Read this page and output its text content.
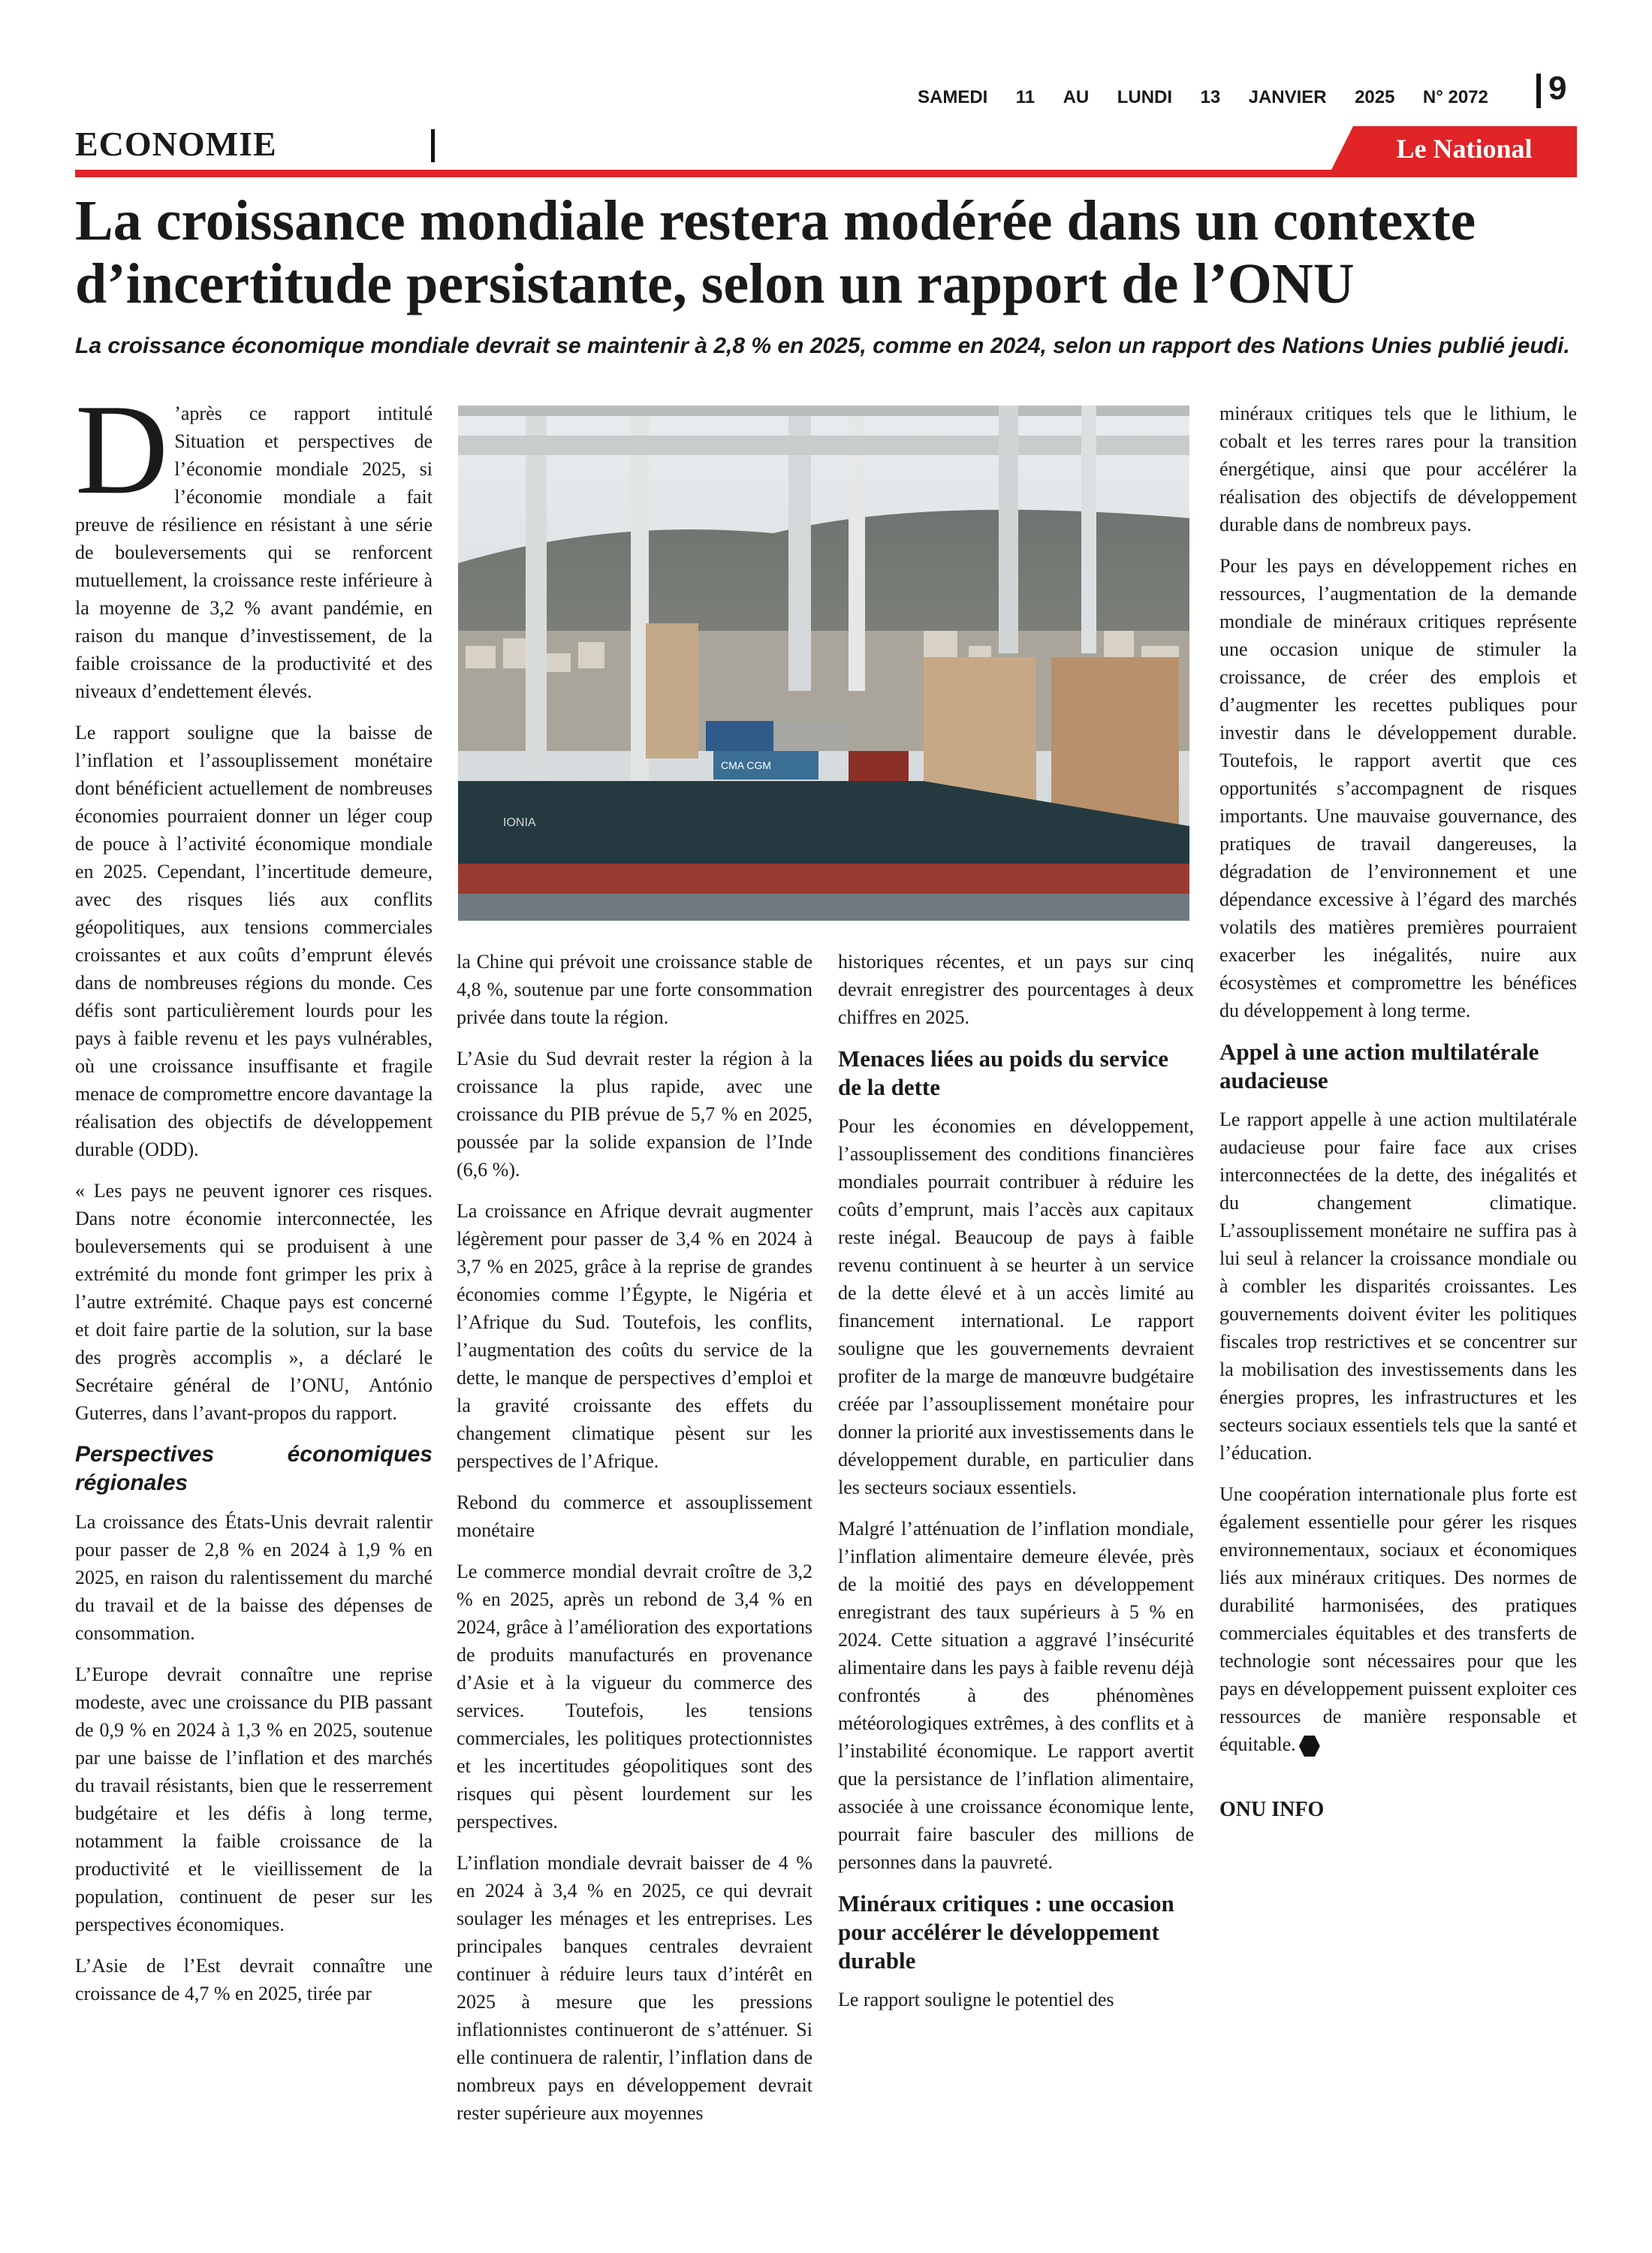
SAMEDI 11 AU LUNDI 13 JANVIER 2025 N° 2072 9
ECONOMIE	Le National
La croissance mondiale restera modérée dans un contexte d’incertitude persistante, selon un rapport de l’ONU

La croissance économique mondiale devrait se maintenir à 2,8 % en 2025, comme en 2024, selon un rapport des Nations Unies publié jeudi.

D ’après ce rapport intitulé Situation et perspectives de l’économie mondiale 2025, si l’économie mondiale a fait preuve de résilience en résistant à une série de bouleversements qui se renforcent mutuellement, la croissance reste inférieure à la moyenne de 3,2 % avant pandémie, en raison du manque d’investissement, de la faible croissance de la productivité et des niveaux d’endettement élevés.

Le rapport souligne que la baisse de l’inflation et l’assouplissement monétaire dont bénéficient actuellement de nombreuses économies pourraient donner un léger coup de pouce à l’activité économique mondiale en 2025. Cependant, l’incertitude demeure, avec des risques liés aux conflits géopolitiques, aux tensions commerciales croissantes et aux coûts d’emprunt élevés dans de nombreuses régions du monde. Ces défis sont particulièrement lourds pour les pays à faible revenu et les pays vulnérables, où une croissance insuffisante et fragile menace de compromettre encore davantage la réalisation des objectifs de développement durable (ODD).

« Les pays ne peuvent ignorer ces risques. Dans notre économie interconnectée, les bouleversements qui se produisent à une extrémité du monde font grimper les prix à l’autre extrémité. Chaque pays est concerné et doit faire partie de la solution, sur la base des progrès accomplis », a déclaré le Secrétaire général de l’ONU, António Guterres, dans l’avant-propos du rapport.

Perspectives économiques régionales

La croissance des États-Unis devrait ralentir pour passer de 2,8 % en 2024 à 1,9 % en 2025, en raison du ralentissement du marché du travail et de la baisse des dépenses de consommation.

L’Europe devrait connaître une reprise modeste, avec une croissance du PIB passant de 0,9 % en 2024 à 1,3 % en 2025, soutenue par une baisse de l’inflation et des marchés du travail résistants, bien que le resserrement budgétaire et les défis à long terme, notamment la faible croissance de la productivité et le vieillissement de la population, continuent de peser sur les perspectives économiques.

L’Asie de l’Est devrait connaître une croissance de 4,7 % en 2025, tirée par

CMA CGM
IONIA

la Chine qui prévoit une croissance stable de 4,8 %, soutenue par une forte consommation privée dans toute la région.

L’Asie du Sud devrait rester la région à la croissance la plus rapide, avec une croissance du PIB prévue de 5,7 % en 2025, poussée par la solide expansion de l’Inde (6,6 %).

La croissance en Afrique devrait augmenter légèrement pour passer de 3,4 % en 2024 à 3,7 % en 2025, grâce à la reprise de grandes économies comme l’Égypte, le Nigéria et l’Afrique du Sud. Toutefois, les conflits, l’augmentation des coûts du service de la dette, le manque de perspectives d’emploi et la gravité croissante des effets du changement climatique pèsent sur les perspectives de l’Afrique.

Rebond du commerce et assouplissement monétaire

Le commerce mondial devrait croître de 3,2 % en 2025, après un rebond de 3,4 % en 2024, grâce à l’amélioration des exportations de produits manufacturés en provenance d’Asie et à la vigueur du commerce des services. Toutefois, les tensions commerciales, les politiques protectionnistes et les incertitudes géopolitiques sont des risques qui pèsent lourdement sur les perspectives.

L’inflation mondiale devrait baisser de 4 % en 2024 à 3,4 % en 2025, ce qui devrait soulager les ménages et les entreprises. Les principales banques centrales devraient continuer à réduire leurs taux d’intérêt en 2025 à mesure que les pressions inflationnistes continueront de s’atténuer. Si elle continuera de ralentir, l’inflation dans de nombreux pays en développement devrait rester supérieure aux moyennes

historiques récentes, et un pays sur cinq devrait enregistrer des pourcentages à deux chiffres en 2025.

Menaces liées au poids du service de la dette

Pour les économies en développement, l’assouplissement des conditions financières mondiales pourrait contribuer à réduire les coûts d’emprunt, mais l’accès aux capitaux reste inégal. Beaucoup de pays à faible revenu continuent à se heurter à un service de la dette élevé et à un accès limité au financement international. Le rapport souligne que les gouvernements devraient profiter de la marge de manœuvre budgétaire créée par l’assouplissement monétaire pour donner la priorité aux investissements dans le développement durable, en particulier dans les secteurs sociaux essentiels.

Malgré l’atténuation de l’inflation mondiale, l’inflation alimentaire demeure élevée, près de la moitié des pays en développement enregistrant des taux supérieurs à 5 % en 2024. Cette situation a aggravé l’insécurité alimentaire dans les pays à faible revenu déjà confrontés à des phénomènes météorologiques extrêmes, à des conflits et à l’instabilité économique. Le rapport avertit que la persistance de l’inflation alimentaire, associée à une croissance économique lente, pourrait faire basculer des millions de personnes dans la pauvreté.

Minéraux critiques : une occasion pour accélérer le développement durable

Le rapport souligne le potentiel des

minéraux critiques tels que le lithium, le cobalt et les terres rares pour la transition énergétique, ainsi que pour accélérer la réalisation des objectifs de développement durable dans de nombreux pays.

Pour les pays en développement riches en ressources, l’augmentation de la demande mondiale de minéraux critiques représente une occasion unique de stimuler la croissance, de créer des emplois et d’augmenter les recettes publiques pour investir dans le développement durable. Toutefois, le rapport avertit que ces opportunités s’accompagnent de risques importants. Une mauvaise gouvernance, des pratiques de travail dangereuses, la dégradation de l’environnement et une dépendance excessive à l’égard des marchés volatils des matières premières pourraient exacerber les inégalités, nuire aux écosystèmes et compromettre les bénéfices du développement à long terme.

Appel à une action multilatérale audacieuse

Le rapport appelle à une action multilatérale audacieuse pour faire face aux crises interconnectées de la dette, des inégalités et du changement climatique. L’assouplissement monétaire ne suffira pas à lui seul à relancer la croissance mondiale ou à combler les disparités croissantes. Les gouvernements doivent éviter les politiques fiscales trop restrictives et se concentrer sur la mobilisation des investissements dans les énergies propres, les infrastructures et les secteurs sociaux essentiels tels que la santé et l’éducation.

Une coopération internationale plus forte est également essentielle pour gérer les risques environnementaux, sociaux et économiques liés aux minéraux critiques. Des normes de durabilité harmonisées, des pratiques commerciales équitables et des transferts de technologie sont nécessaires pour que les pays en développement puissent exploiter ces ressources de manière responsable et équitable.

ONU INFO
